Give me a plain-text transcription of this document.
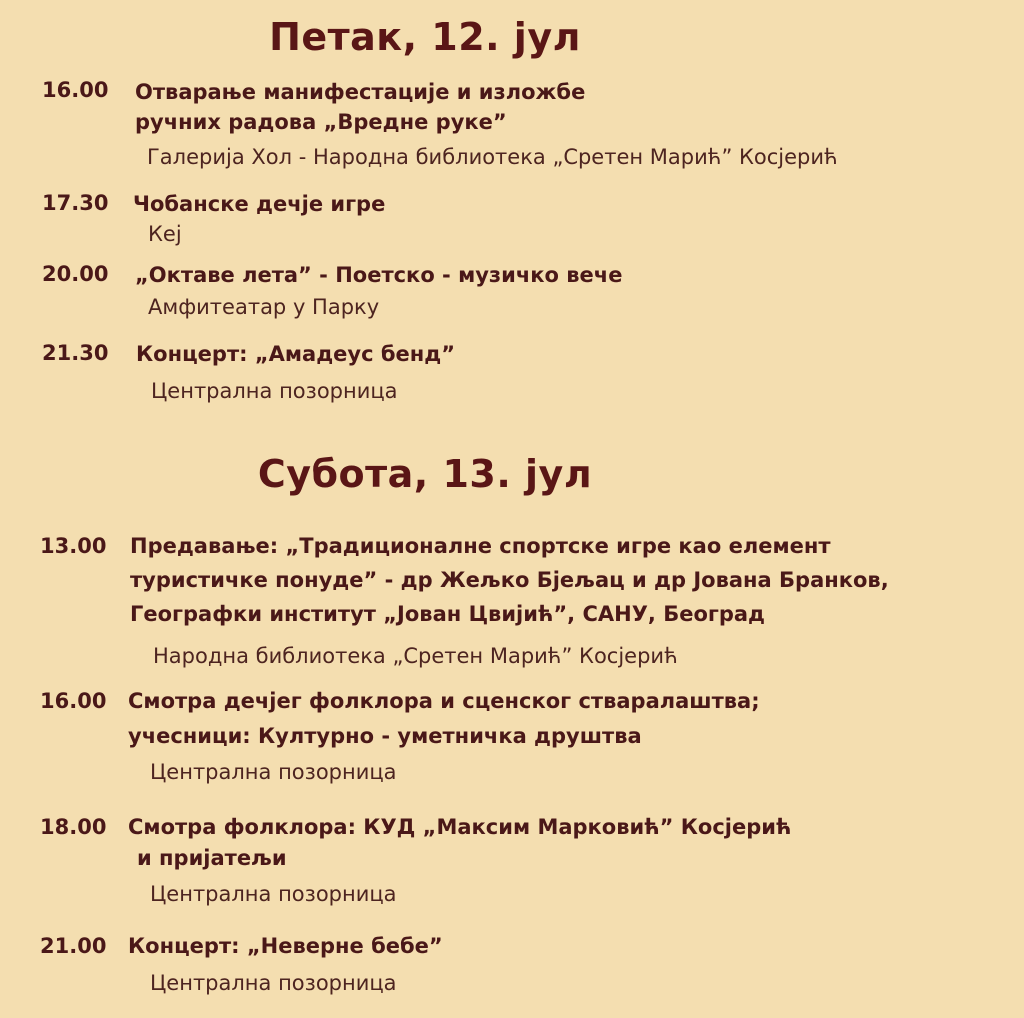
Петак, 12. јул
16.00 Отварање манифестације и изложбе
ручних радова „Вредне руке”
Галерија Хол - Народна библиотека „Сретен Марић” Косјерић
17.30 Чобанске дечје игре
Кеј
20.00 „Октаве лета” - Поетско - музичко вече
Амфитеатар у Парку
21.30 Концерт: „Амадеус бенд”
Централна позорница
Субота, 13. јул
13.00 Предавање: „Традиционалне спортске игре као елемент
туристичке понуде” - др Жељко Бјељац и др Јована Бранков,
Географки институт „Јован Цвијић”, САНУ, Београд
Народна библиотека „Сретен Марић” Косјерић
16.00 Смотра дечјег фолклора и сценског стваралаштва;
учесници: Културно - уметничка друштва
Централна позорница
18.00 Смотра фолклора: КУД „Максим Марковић” Косјерић
и пријатељи
Централна позорница
21.00 Концерт: „Неверне бебе”
Централна позорница
